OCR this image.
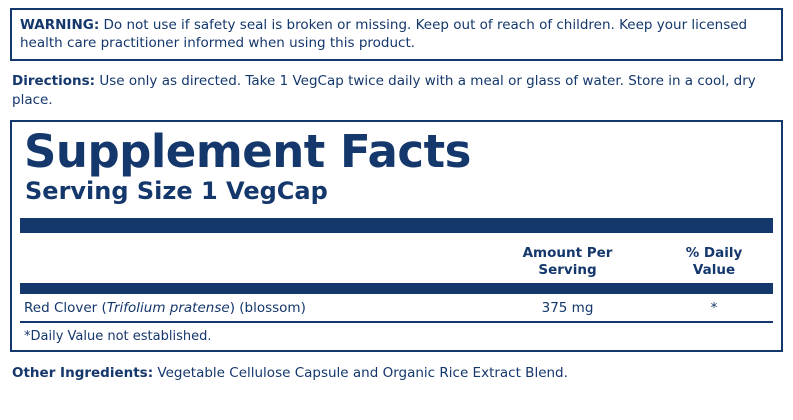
WARNING: Do not use if safety seal is broken or missing. Keep out of reach of children. Keep your licensed health care practitioner informed when using this product.
Directions: Use only as directed. Take 1 VegCap twice daily with a meal or glass of water. Store in a cool, dry place.
Supplement Facts
Serving Size 1 VegCap
Amount Per
Serving
% Daily
Value
Red Clover (Trifolium pratense) (blossom)	375 mg	*
*Daily Value not established.
Other Ingredients: Vegetable Cellulose Capsule and Organic Rice Extract Blend.
